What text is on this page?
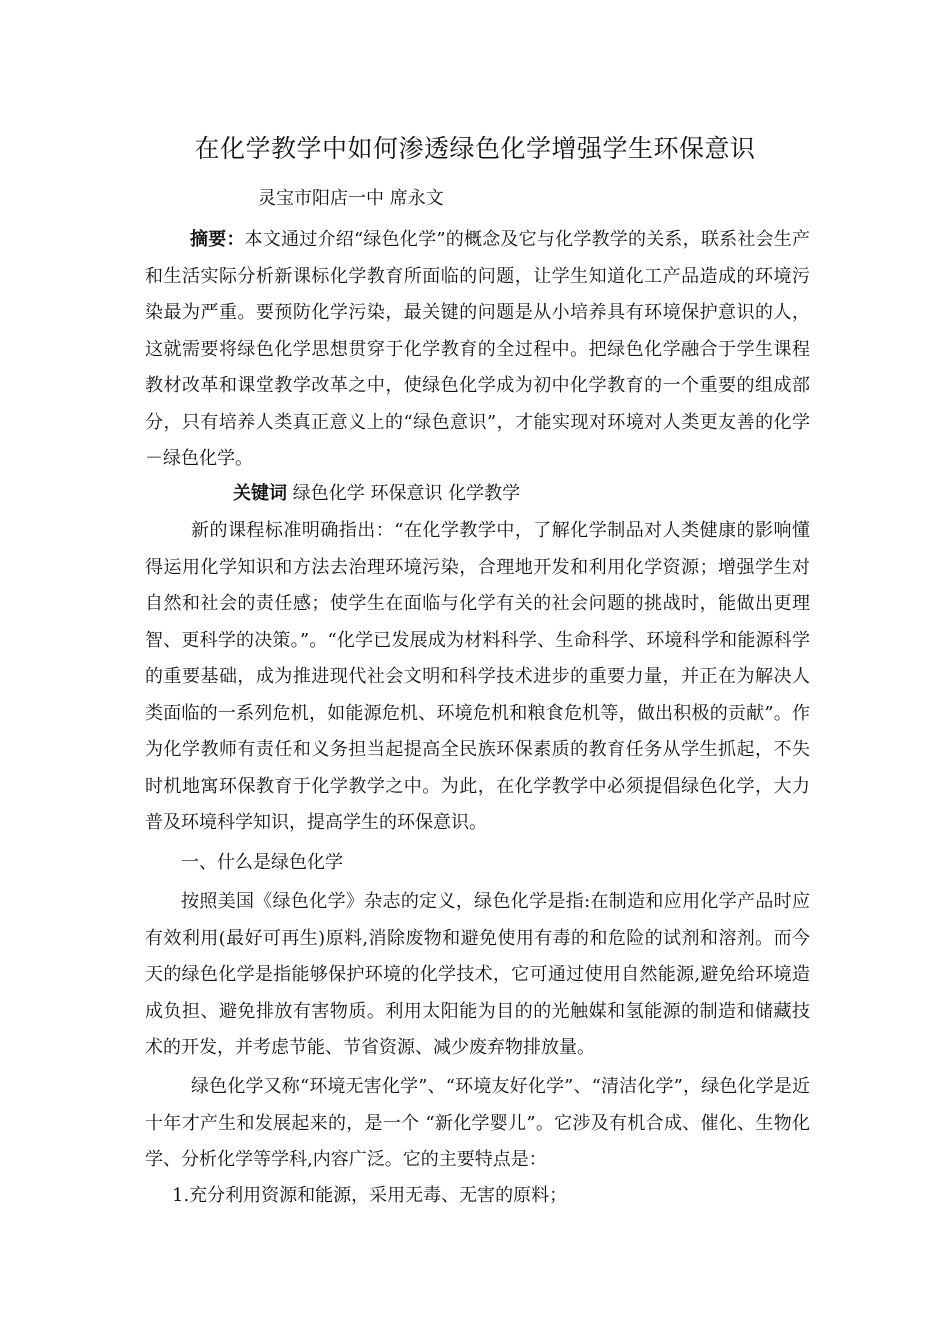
在化学教学中如何渗透绿色化学增强学生环保意识

灵宝市阳店一中 席永文

摘要：本文通过介绍“绿色化学”的概念及它与化学教学的关系，联系社会生产和生活实际分析新课标化学教育所面临的问题，让学生知道化工产品造成的环境污染最为严重。要预防化学污染，最关键的问题是从小培养具有环境保护意识的人，这就需要将绿色化学思想贯穿于化学教育的全过程中。把绿色化学融合于学生课程教材改革和课堂教学改革之中，使绿色化学成为初中化学教育的一个重要的组成部分，只有培养人类真正意义上的“绿色意识”，才能实现对环境对人类更友善的化学－绿色化学。

关键词 绿色化学 环保意识 化学教学

新的课程标准明确指出：“在化学教学中，了解化学制品对人类健康的影响懂得运用化学知识和方法去治理环境污染，合理地开发和利用化学资源；增强学生对自然和社会的责任感；使学生在面临与化学有关的社会问题的挑战时，能做出更理智、更科学的决策。”。“化学已发展成为材料科学、生命科学、环境科学和能源科学的重要基础，成为推进现代社会文明和科学技术进步的重要力量，并正在为解决人类面临的一系列危机，如能源危机、环境危机和粮食危机等，做出积极的贡献”。作为化学教师有责任和义务担当起提高全民族环保素质的教育任务从学生抓起，不失时机地寓环保教育于化学教学之中。为此，在化学教学中必须提倡绿色化学，大力普及环境科学知识，提高学生的环保意识。

一、什么是绿色化学

按照美国《绿色化学》杂志的定义，绿色化学是指:在制造和应用化学产品时应有效利用(最好可再生)原料,消除废物和避免使用有毒的和危险的试剂和溶剂。而今天的绿色化学是指能够保护环境的化学技术，它可通过使用自然能源,避免给环境造成负担、避免排放有害物质。利用太阳能为目的的光触媒和氢能源的制造和储藏技术的开发，并考虑节能、节省资源、减少废弃物排放量。

绿色化学又称“环境无害化学”、“环境友好化学”、“清洁化学”，绿色化学是近十年才产生和发展起来的，是一个 “新化学婴儿”。它涉及有机合成、催化、生物化学、分析化学等学科,内容广泛。它的主要特点是：

1.充分利用资源和能源，采用无毒、无害的原料；
